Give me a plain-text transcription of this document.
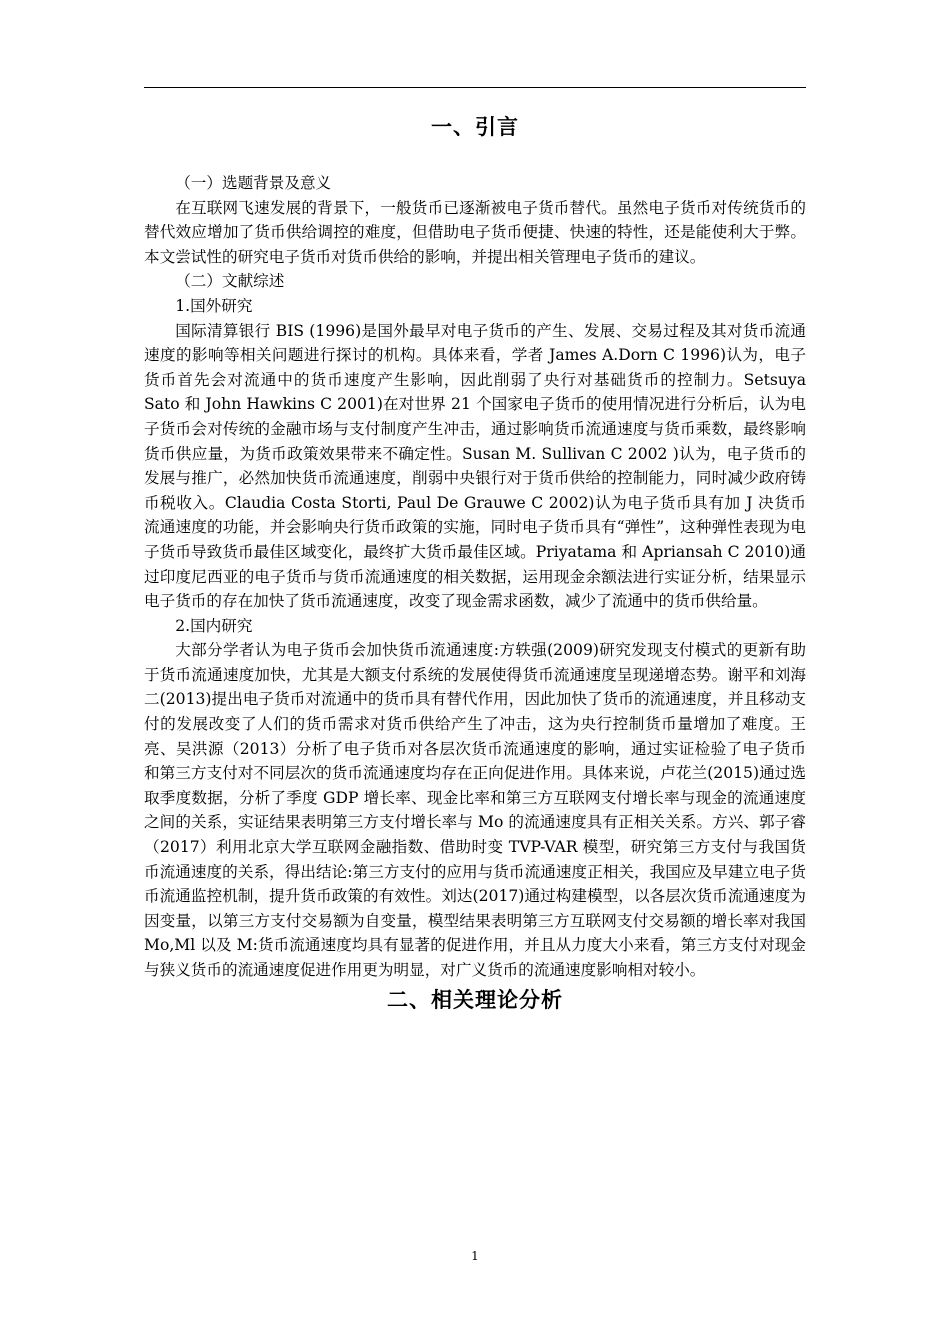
一、引言

（一）选题背景及意义

在互联网飞速发展的背景下，一般货币已逐渐被电子货币替代。虽然电子货币对传统货币的替代效应增加了货币供给调控的难度，但借助电子货币便捷、快速的特性，还是能使利大于弊。本文尝试性的研究电子货币对货币供给的影响，并提出相关管理电子货币的建议。

（二）文献综述

1.国外研究

国际清算银行 BIS (1996)是国外最早对电子货币的产生、发展、交易过程及其对货币流通速度的影响等相关问题进行探讨的机构。具体来看，学者 James A.Dorn C 1996)认为，电子货币首先会对流通中的货币速度产生影响，因此削弱了央行对基础货币的控制力。Setsuya Sato 和 John Hawkins C 2001)在对世界 21 个国家电子货币的使用情况进行分析后，认为电子货币会对传统的金融市场与支付制度产生冲击，通过影响货币流通速度与货币乘数，最终影响货币供应量，为货币政策效果带来不确定性。Susan M. Sullivan C 2002 )认为，电子货币的发展与推广，必然加快货币流通速度，削弱中央银行对于货币供给的控制能力，同时减少政府铸币税收入。Claudia Costa Storti, Paul De Grauwe C 2002)认为电子货币具有加 J 决货币流通速度的功能，并会影响央行货币政策的实施，同时电子货币具有“弹性”，这种弹性表现为电子货币导致货币最佳区域变化，最终扩大货币最佳区域。Priyatama 和 Apriansah C 2010)通过印度尼西亚的电子货币与货币流通速度的相关数据，运用现金余额法进行实证分析，结果显示电子货币的存在加快了货币流通速度，改变了现金需求函数，减少了流通中的货币供给量。

2.国内研究

大部分学者认为电子货币会加快货币流通速度:方轶强(2009)研究发现支付模式的更新有助于货币流通速度加快，尤其是大额支付系统的发展使得货币流通速度呈现递增态势。谢平和刘海二(2013)提出电子货币对流通中的货币具有替代作用，因此加快了货币的流通速度，并且移动支付的发展改变了人们的货币需求对货币供给产生了冲击，这为央行控制货币量增加了难度。王亮、吴洪源（2013）分析了电子货币对各层次货币流通速度的影响，通过实证检验了电子货币和第三方支付对不同层次的货币流通速度均存在正向促进作用。具体来说，卢花兰(2015)通过选取季度数据，分析了季度 GDP 增长率、现金比率和第三方互联网支付增长率与现金的流通速度之间的关系，实证结果表明第三方支付增长率与 Mo 的流通速度具有正相关关系。方兴、郭子睿（2017）利用北京大学互联网金融指数、借助时变 TVP-VAR 模型，研究第三方支付与我国货币流通速度的关系，得出结论:第三方支付的应用与货币流通速度正相关，我国应及早建立电子货币流通监控机制，提升货币政策的有效性。刘达(2017)通过构建模型，以各层次货币流通速度为因变量，以第三方支付交易额为自变量，模型结果表明第三方互联网支付交易额的增长率对我国 Mo,Ml 以及 M:货币流通速度均具有显著的促进作用，并且从力度大小来看，第三方支付对现金与狭义货币的流通速度促进作用更为明显，对广义货币的流通速度影响相对较小。

二、相关理论分析
1
